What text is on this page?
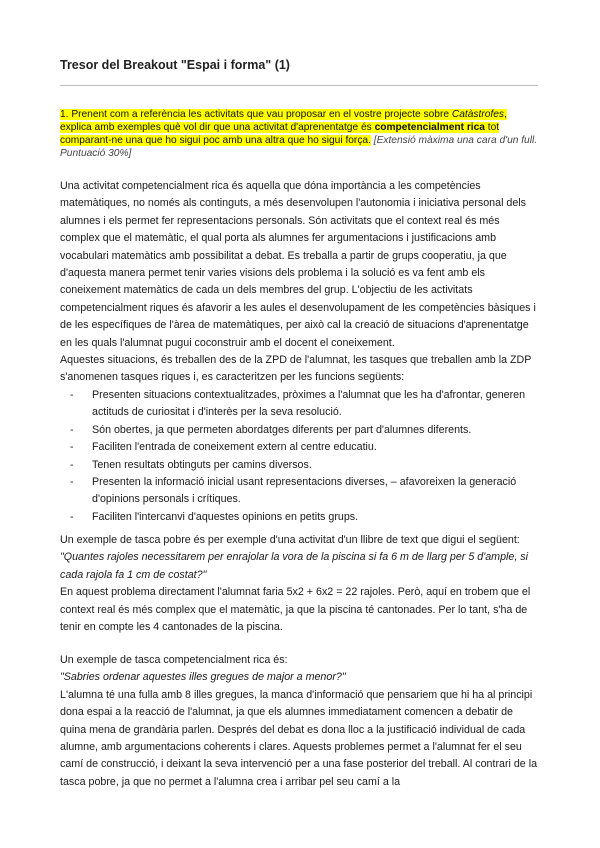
Tresor del Breakout "Espai i forma" (1)
1. Prenent com a referència les activitats que vau proposar en el vostre projecte sobre Catàstrofes, explica amb exemples què vol dir que una activitat d'aprenentatge és competencialment rica tot comparant-ne una que ho sigui poc amb una altra que ho sigui força. [Extensió màxima una cara d'un full. Puntuació 30%]

Una activitat competencialment rica és aquella que dóna importància a les competències matemàtiques, no només als continguts, a més desenvolupen l'autonomia i iniciativa personal dels alumnes i els permet fer representacions personals. Són activitats que el context real és més complex que el matemàtic, el qual porta als alumnes fer argumentacions i justificacions amb vocabulari matemàtics amb possibilitat a debat. Es treballa a partir de grups cooperatiu, ja que d'aquesta manera permet tenir varies visions dels problema i la solució es va fent amb els coneixement matemàtics de cada un dels membres del grup. L'objectiu de les activitats competencialment riques és afavorir a les aules el desenvolupament de les competències bàsiques i de les específiques de l'àrea de matemàtiques, per això cal la creació de situacions d'aprenentatge en les quals l'alumnat pugui coconstruir amb el docent el coneixement.

Aquestes situacions, és treballen des de la ZPD de l'alumnat, les tasques que treballen amb la ZDP s'anomenen tasques riques i, es caracteritzen per les funcions següents:

- Presenten situacions contextualitzades, pròximes a l'alumnat que les ha d'afrontar, generen actituds de curiositat i d'interès per la seva resolució.
- Són obertes, ja que permeten abordatges diferents per part d'alumnes diferents.
- Faciliten l'entrada de coneixement extern al centre educatiu.
- Tenen resultats obtinguts per camins diversos.
- Presenten la informació inicial usant representacions diverses, – afavoreixen la generació d'opinions personals i crítiques.
- Faciliten l'intercanvi d'aquestes opinions en petits grups.

Un exemple de tasca pobre és per exemple d'una activitat d'un llibre de text que digui el següent:

"Quantes rajoles necessitarem per enrajolar la vora de la piscina si fa 6 m de llarg per 5 d'ample, si cada rajola fa 1 cm de costat?"

En aquest problema directament l'alumnat faria 5x2 + 6x2 = 22 rajoles. Però, aquí en trobem que el context real és més complex que el matemàtic, ja que la piscina té cantonades. Per lo tant, s'ha de tenir en compte les 4 cantonades de la piscina.

Un exemple de tasca competencialment rica és:

"Sabries ordenar aquestes illes gregues de major a menor?"

L'alumna té una fulla amb 8 illes gregues, la manca d'informació que pensariem que hi ha al principi dona espai a la reacció de l'alumnat, ja que els alumnes immediatament comencen a debatir de quina mena de grandària parlen. Després del debat es dona lloc a la justificació individual de cada alumne, amb argumentacions coherents i clares. Aquests problemes permet a l'alumnat fer el seu camí de construcció, i deixant la seva intervenció per a una fase posterior del treball. Al contrari de la tasca pobre, ja que no permet a l'alumna crea i arribar pel seu camí a la
